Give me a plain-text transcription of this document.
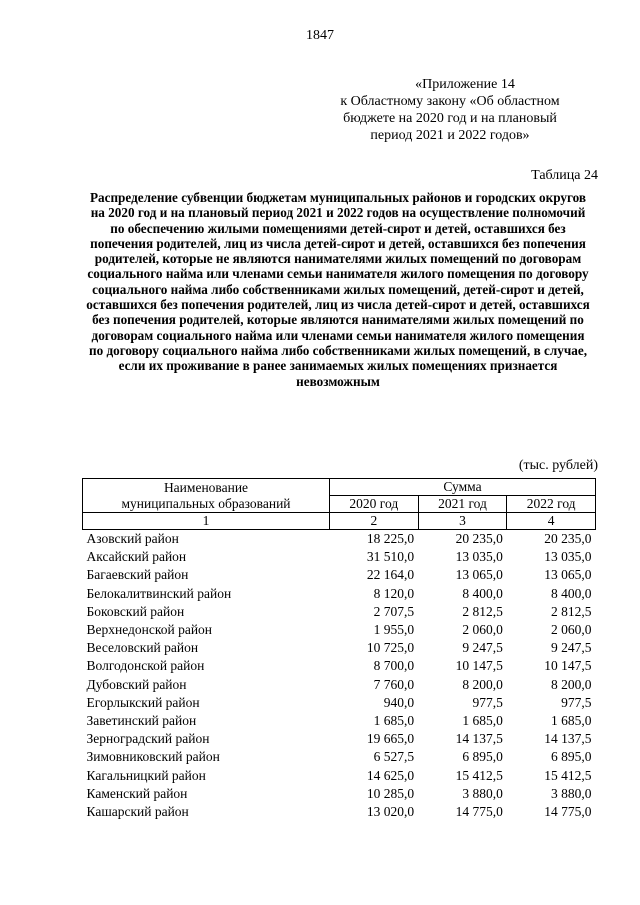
1847
«Приложение 14
к Областному закону «Об областном
бюджете на 2020 год и на плановый
период 2021 и 2022 годов»
Таблица 24
Распределение субвенции бюджетам муниципальных районов и городских округов на 2020 год и на плановый период 2021 и 2022 годов на осуществление полномочий по обеспечению жилыми помещениями детей-сирот и детей, оставшихся без попечения родителей, лиц из числа детей-сирот и детей, оставшихся без попечения родителей, которые не являются нанимателями жилых помещений по договорам социального найма или членами семьи нанимателя жилого помещения по договору социального найма либо собственниками жилых помещений, детей-сирот и детей, оставшихся без попечения родителей, лиц из числа детей-сирот и детей, оставшихся без попечения родителей, которые являются нанимателями жилых помещений по договорам социального найма или членами семьи нанимателя жилого помещения по договору социального найма либо собственниками жилых помещений, в случае, если их проживание в ранее занимаемых жилых помещениях признается невозможным
(тыс. рублей)
Наименование
муниципальных образований	Сумма		
	2020 год	2021 год	2022 год
1	2	3	4
Азовский район	18 225,0	20 235,0	20 235,0
Аксайский район	31 510,0	13 035,0	13 035,0
Багаевский район	22 164,0	13 065,0	13 065,0
Белокалитвинский район	8 120,0	8 400,0	8 400,0
Боковский район	2 707,5	2 812,5	2 812,5
Верхнедонской район	1 955,0	2 060,0	2 060,0
Веселовский район	10 725,0	9 247,5	9 247,5
Волгодонской район	8 700,0	10 147,5	10 147,5
Дубовский район	7 760,0	8 200,0	8 200,0
Егорлыкский район	940,0	977,5	977,5
Заветинский район	1 685,0	1 685,0	1 685,0
Зерноградский район	19 665,0	14 137,5	14 137,5
Зимовниковский район	6 527,5	6 895,0	6 895,0
Кагальницкий район	14 625,0	15 412,5	15 412,5
Каменский район	10 285,0	3 880,0	3 880,0
Кашарский район	13 020,0	14 775,0	14 775,0
